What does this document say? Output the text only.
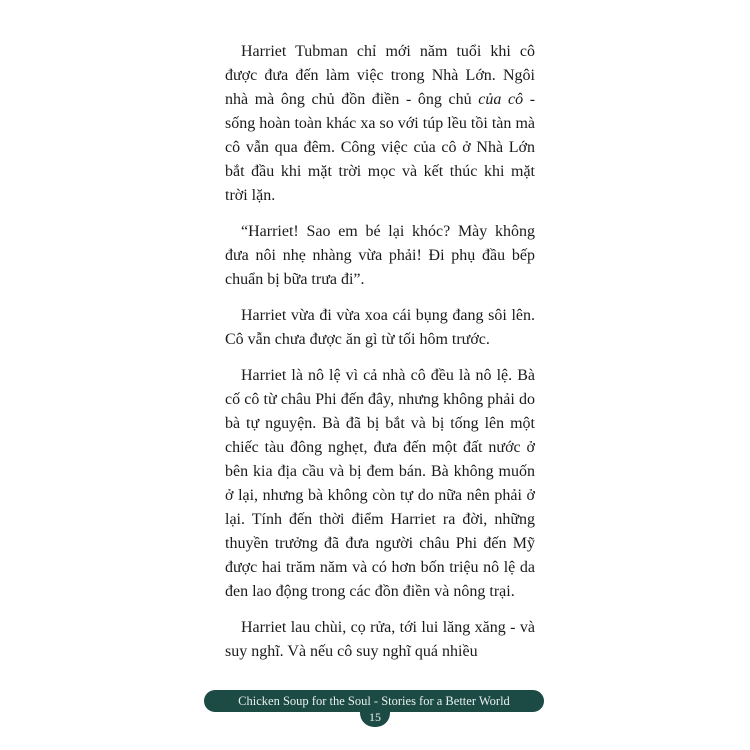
Harriet Tubman chỉ mới năm tuổi khi cô được đưa đến làm việc trong Nhà Lớn. Ngôi nhà mà ông chủ đồn điền - ông chủ của cô - sống hoàn toàn khác xa so với túp lều tồi tàn mà cô vẫn qua đêm. Công việc của cô ở Nhà Lớn bắt đầu khi mặt trời mọc và kết thúc khi mặt trời lặn.

“Harriet! Sao em bé lại khóc? Mày không đưa nôi nhẹ nhàng vừa phải! Đi phụ đầu bếp chuẩn bị bữa trưa đi”.

Harriet vừa đi vừa xoa cái bụng đang sôi lên. Cô vẫn chưa được ăn gì từ tối hôm trước.

Harriet là nô lệ vì cả nhà cô đều là nô lệ. Bà cố cô từ châu Phi đến đây, nhưng không phải do bà tự nguyện. Bà đã bị bắt và bị tống lên một chiếc tàu đông nghẹt, đưa đến một đất nước ở bên kia địa cầu và bị đem bán. Bà không muốn ở lại, nhưng bà không còn tự do nữa nên phải ở lại. Tính đến thời điểm Harriet ra đời, những thuyền trưởng đã đưa người châu Phi đến Mỹ được hai trăm năm và có hơn bốn triệu nô lệ da đen lao động trong các đồn điền và nông trại.

Harriet lau chùi, cọ rửa, tới lui lăng xăng - và suy nghĩ. Và nếu cô suy nghĩ quá nhiều

Chicken Soup for the Soul - Stories for a Better World
15
